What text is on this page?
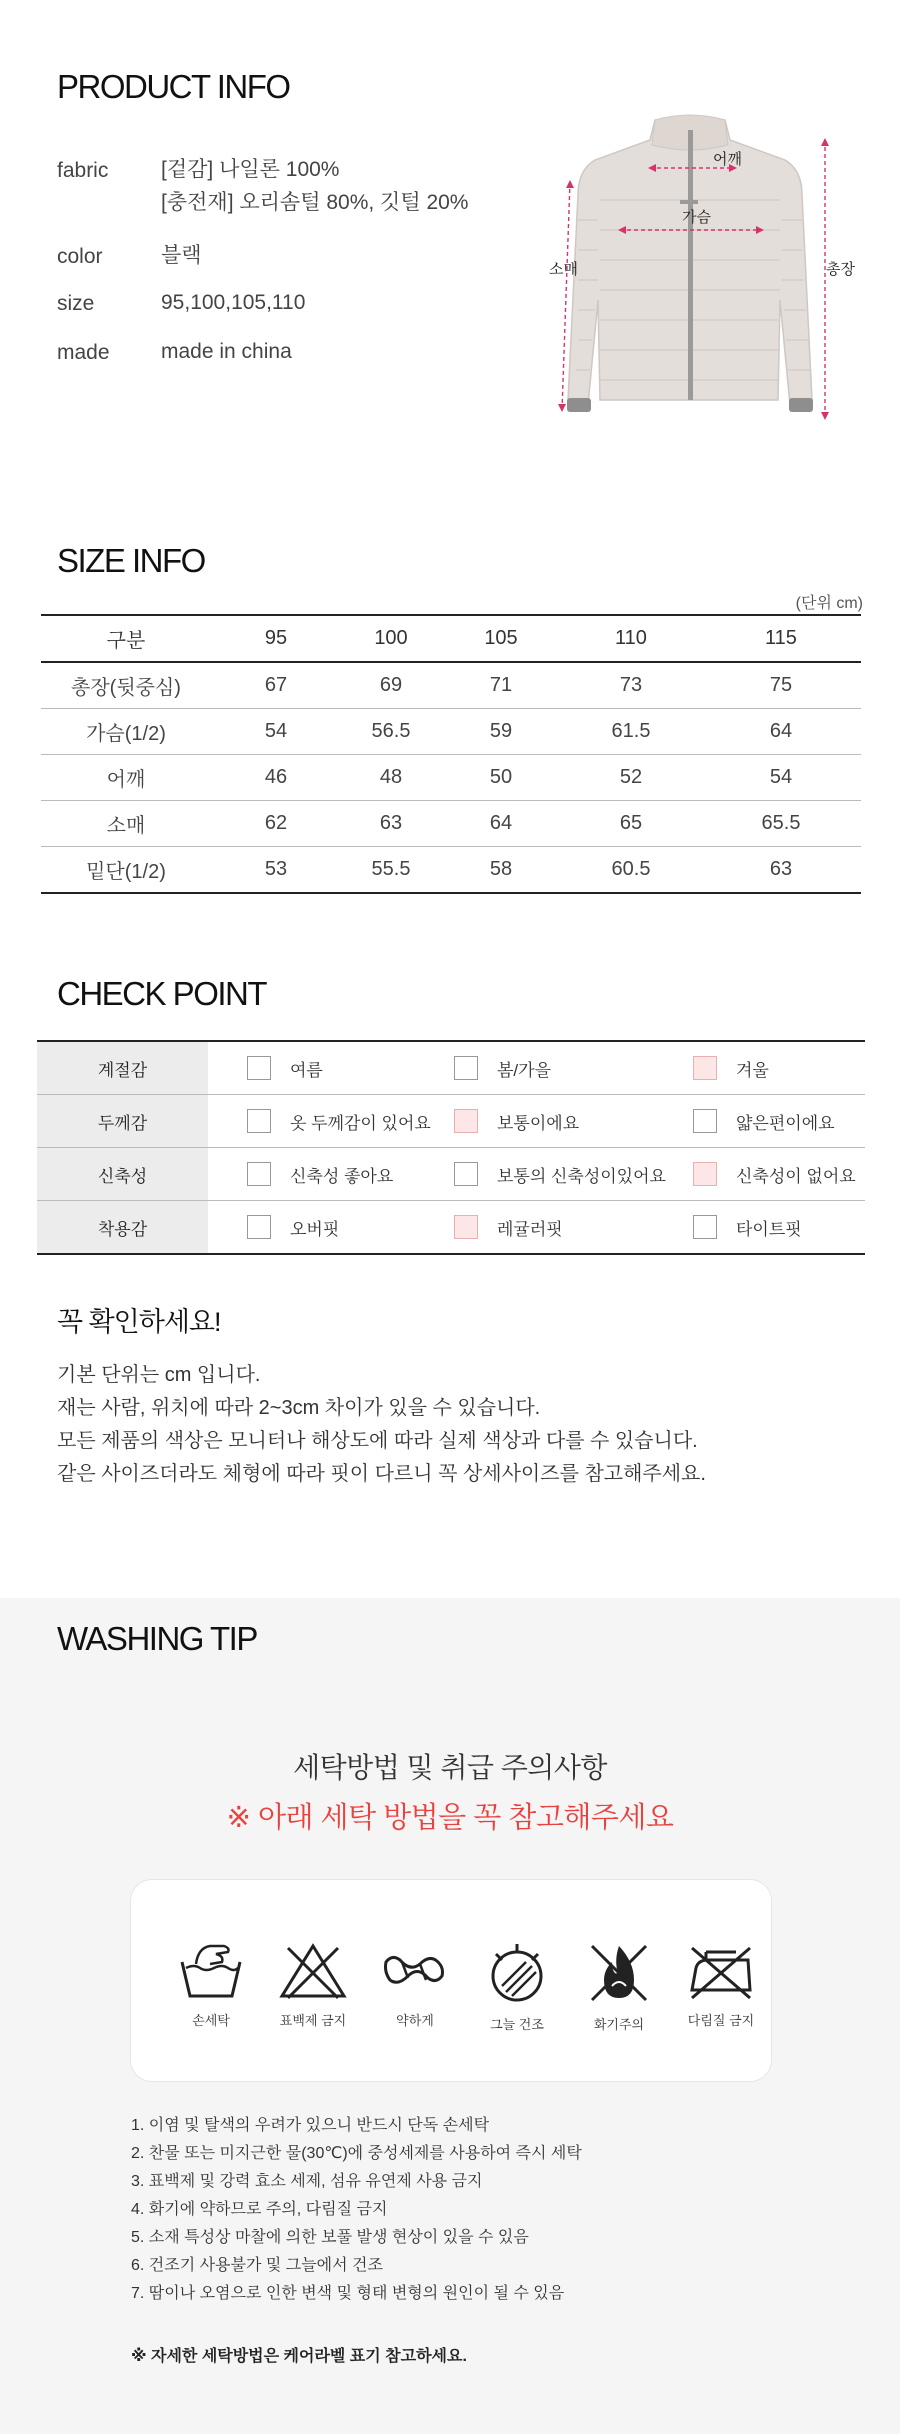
PRODUCT INFO
fabric	[겉감] 나일론 100%
[충전재] 오리솜털 80%, 깃털 20%
color	블랙
size	95,100,105,110
made	made in china
어깨
가슴
소매	총장
SIZE INFO
(단위 cm)
구분	95	100	105	110	115
총장(뒷중심)	67	69	71	73	75
가슴(1/2)	54	56.5	59	61.5	64
어깨	46	48	50	52	54
소매	62	63	64	65	65.5
밑단(1/2)	53	55.5	58	60.5	63
CHECK POINT
계절감	여름	봄/가을	겨울
두께감	옷 두께감이 있어요	보통이에요	얇은편이에요
신축성	신축성 좋아요	보통의 신축성이있어요	신축성이 없어요
착용감	오버핏	레귤러핏	타이트핏
꼭 확인하세요!
기본 단위는 cm 입니다.
재는 사람, 위치에 따라 2~3cm 차이가 있을 수 있습니다.
모든 제품의 색상은 모니터나 해상도에 따라 실제 색상과 다를 수 있습니다.
같은 사이즈더라도 체형에 따라 핏이 다르니 꼭 상세사이즈를 참고해주세요.
WASHING TIP
세탁방법 및 취급 주의사항
※ 아래 세탁 방법을 꼭 참고해주세요
손세탁	표백제 금지	약하게	그늘 건조	화기주의	다림질 금지
1. 이염 및 탈색의 우려가 있으니 반드시 단독 손세탁
2. 찬물 또는 미지근한 물(30℃)에 중성세제를 사용하여 즉시 세탁
3. 표백제 및 강력 효소 세제, 섬유 유연제 사용 금지
4. 화기에 약하므로 주의, 다림질 금지
5. 소재 특성상 마찰에 의한 보풀 발생 현상이 있을 수 있음
6. 건조기 사용불가 및 그늘에서 건조
7. 땀이나 오염으로 인한 변색 및 형태 변형의 원인이 될 수 있음
※ 자세한 세탁방법은 케어라벨 표기 참고하세요.
